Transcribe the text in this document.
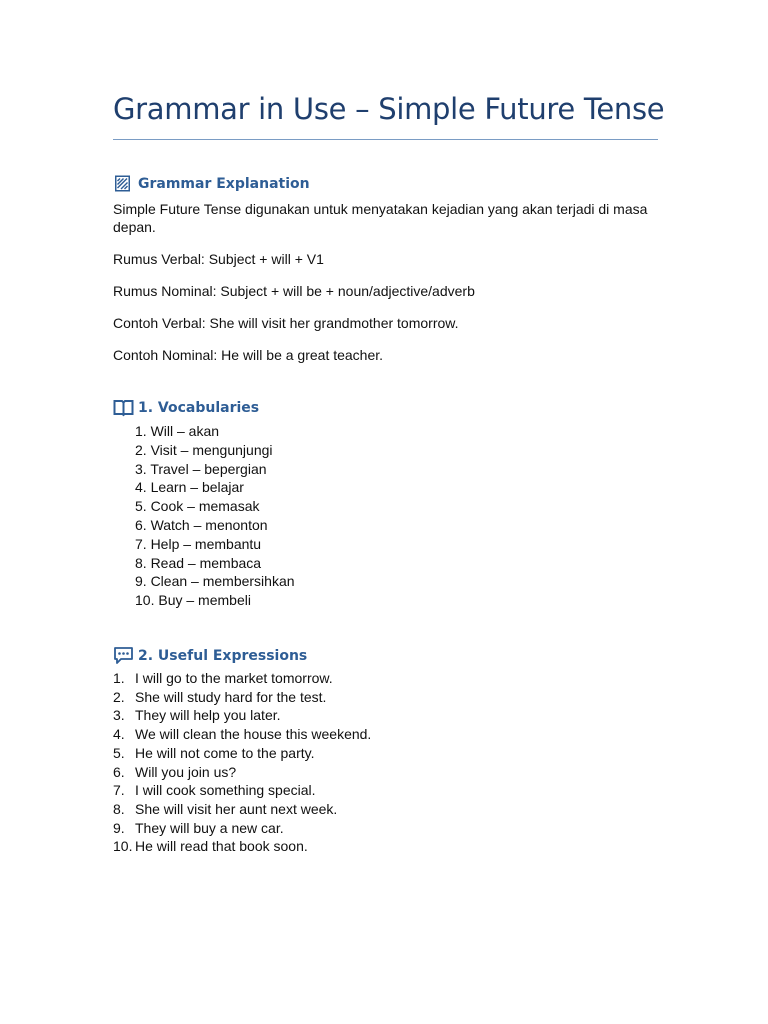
Grammar in Use – Simple Future Tense
Grammar Explanation
Simple Future Tense digunakan untuk menyatakan kejadian yang akan terjadi di masa depan.
Rumus Verbal: Subject + will + V1
Rumus Nominal: Subject + will be + noun/adjective/adverb
Contoh Verbal: She will visit her grandmother tomorrow.
Contoh Nominal: He will be a great teacher.
1. Vocabularies
1. Will – akan
2. Visit – mengunjungi
3. Travel – bepergian
4. Learn – belajar
5. Cook – memasak
6. Watch – menonton
7. Help – membantu
8. Read – membaca
9. Clean – membersihkan
10. Buy – membeli
2. Useful Expressions
1. I will go to the market tomorrow.
2. She will study hard for the test.
3. They will help you later.
4. We will clean the house this weekend.
5. He will not come to the party.
6. Will you join us?
7. I will cook something special.
8. She will visit her aunt next week.
9. They will buy a new car.
10. He will read that book soon.
